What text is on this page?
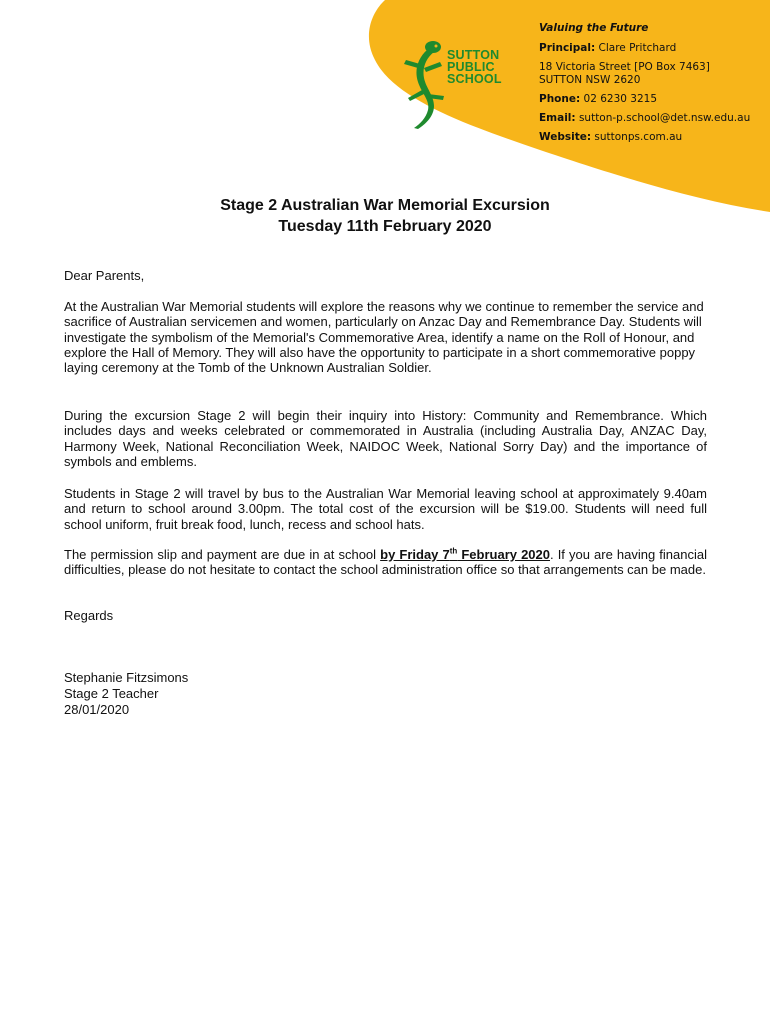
SUTTON
PUBLIC
SCHOOL
Valuing the Future
Principal: Clare Pritchard
18 Victoria Street [PO Box 7463]
SUTTON NSW 2620
Phone: 02 6230 3215
Email: sutton-p.school@det.nsw.edu.au
Website: suttonps.com.au
Stage 2 Australian War Memorial Excursion
Tuesday 11th February 2020
Dear Parents,
At the Australian War Memorial students will explore the reasons why we continue to remember the service and sacrifice of Australian servicemen and women, particularly on Anzac Day and Remembrance Day. Students will investigate the symbolism of the Memorial's Commemorative Area, identify a name on the Roll of Honour, and explore the Hall of Memory. They will also have the opportunity to participate in a short commemorative poppy laying ceremony at the Tomb of the Unknown Australian Soldier.
During the excursion Stage 2 will begin their inquiry into History: Community and Remembrance. Which includes days and weeks celebrated or commemorated in Australia (including Australia Day, ANZAC Day, Harmony Week, National Reconciliation Week, NAIDOC Week, National Sorry Day) and the importance of symbols and emblems.
Students in Stage 2 will travel by bus to the Australian War Memorial leaving school at approximately 9.40am and return to school around 3.00pm. The total cost of the excursion will be $19.00. Students will need full school uniform, fruit break food, lunch, recess and school hats.
The permission slip and payment are due in at school by Friday 7th February 2020. If you are having financial difficulties, please do not hesitate to contact the school administration office so that arrangements can be made.
Regards
Stephanie Fitzsimons
Stage 2 Teacher
28/01/2020
